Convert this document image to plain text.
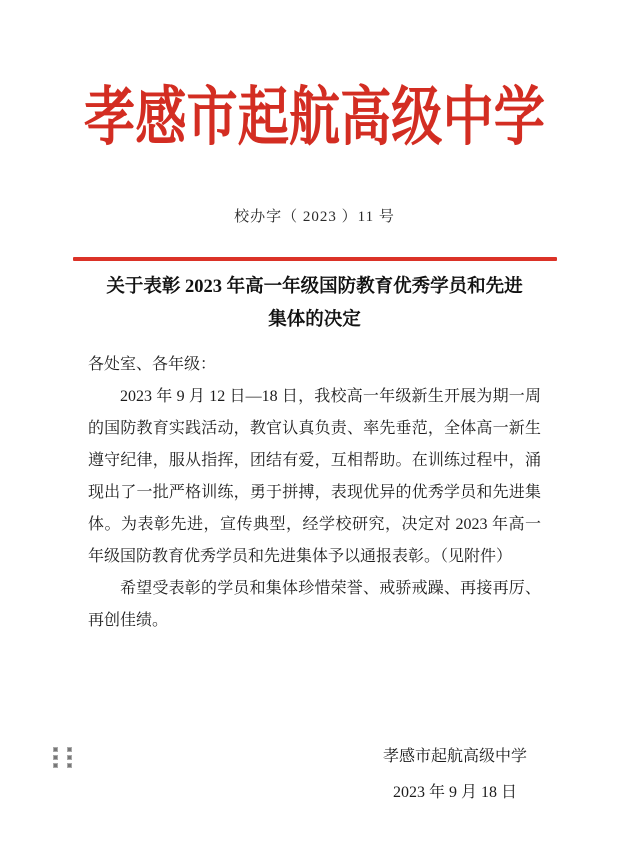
孝感市起航高级中学
校办字（ 2023 ）11 号
关于表彰 2023 年高一年级国防教育优秀学员和先进
集体的决定

各处室、各年级：

2023 年 9 月 12 日—18 日，我校高一年级新生开展为期一周的国防教育实践活动，教官认真负责、率先垂范，全体高一新生遵守纪律，服从指挥，团结有爱，互相帮助。在训练过程中，涌现出了一批严格训练，勇于拼搏，表现优异的优秀学员和先进集体。为表彰先进，宣传典型，经学校研究，决定对 2023 年高一年级国防教育优秀学员和先进集体予以通报表彰。（见附件）

希望受表彰的学员和集体珍惜荣誉、戒骄戒躁、再接再厉、再创佳绩。

孝感市起航高级中学
2023 年 9 月 18 日
